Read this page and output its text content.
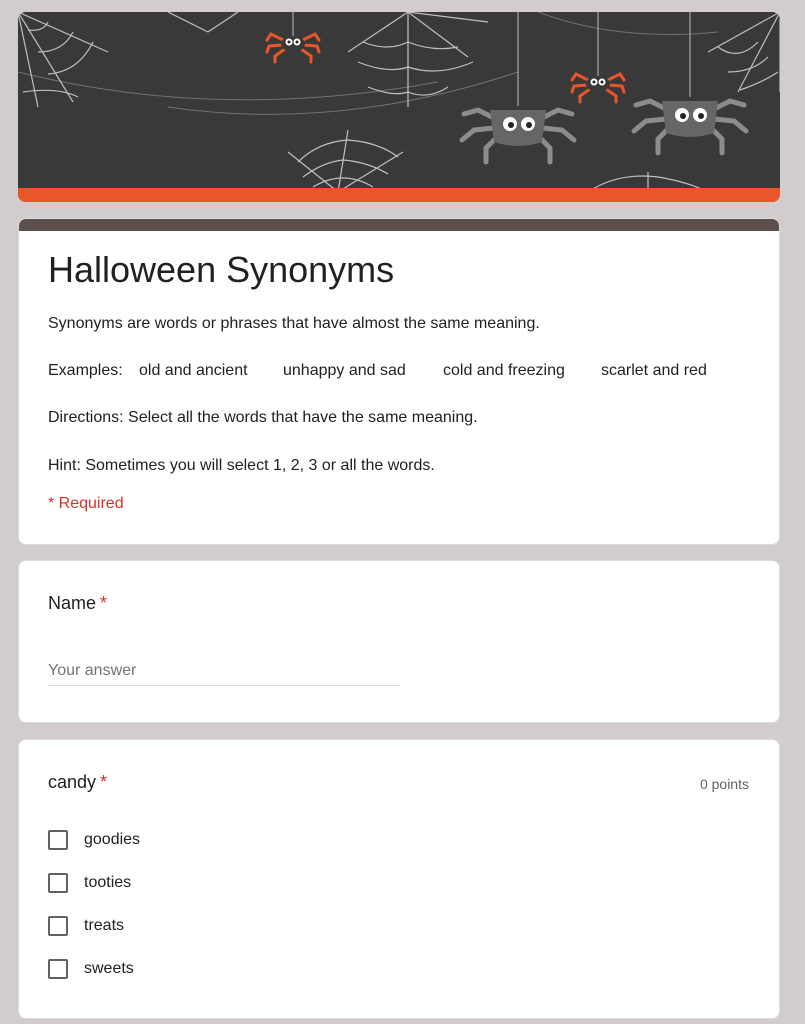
Halloween Synonyms

Synonyms are words or phrases that have almost the same meaning.

Examples: old and ancient unhappy and sad cold and freezing scarlet and red

Directions: Select all the words that have the same meaning.

Hint: Sometimes you will select 1, 2, 3 or all the words.

* Required
Name *
Your answer
candy *	0 points
goodies
tooties
treats
sweets
